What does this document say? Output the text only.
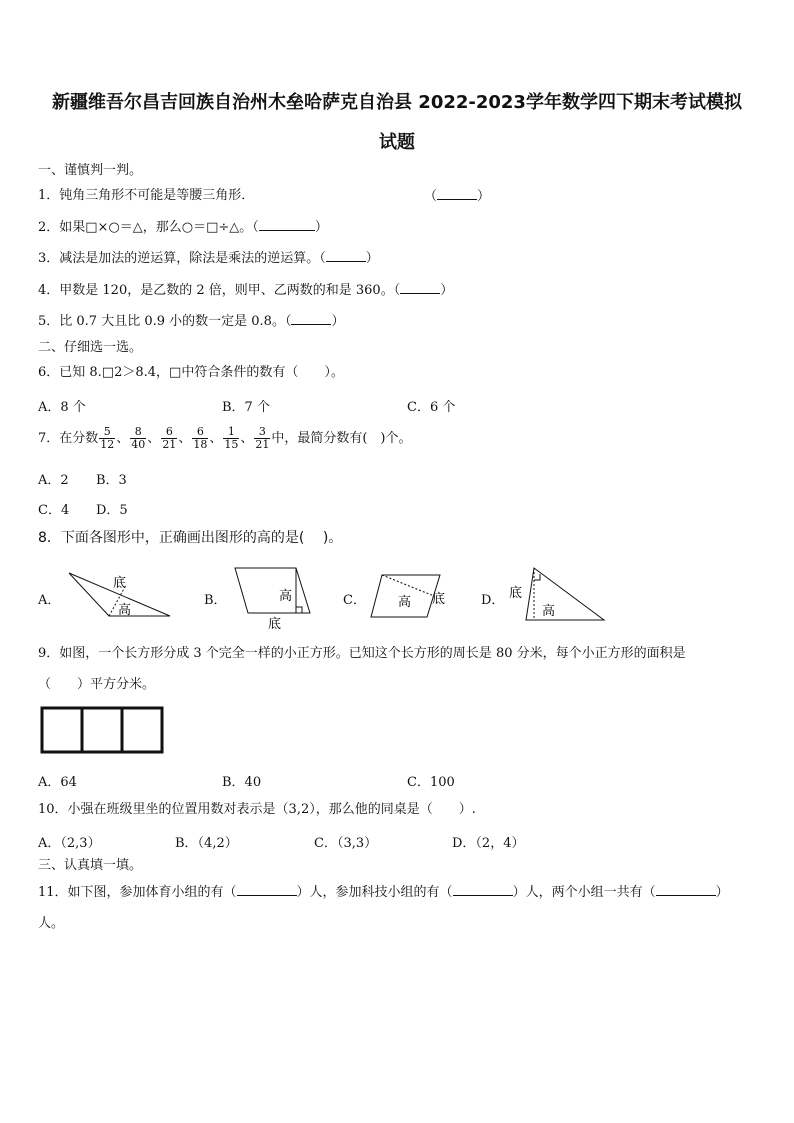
新疆维吾尔昌吉回族自治州木垒哈萨克自治县 2022-2023学年数学四下期末考试模拟
试题
一、谨慎判一判。
1．钝角三角形不可能是等腰三角形．	（	）
2．如果□×○＝△，那么○＝□÷△。（	）
3．减法是加法的逆运算，除法是乘法的逆运算。（	）
4．甲数是 120，是乙数的 2 倍，则甲、乙两数的和是 360。（	）
5．比 0.7 大且比 0.9 小的数一定是 0.8。（	）
二、仔细选一选。
6．已知 8.□2＞8.4，□中符合条件的数有（　　）。
A．8 个	B．7 个	C．6 个
7．在分数 $\frac{5}{12}$ 、 $\frac{8}{40}$ 、 $\frac{6}{21}$ 、 $\frac{6}{18}$ 、 $\frac{1}{15}$ 、 $\frac{3}{21}$ 中，最简分数有(　)个。
A．2 B．3
C．4 D．5
8．下面各图形中，正确画出图形的高的是(　 )。
A．
底
高
B．	高
底
C． 高 底	D． 底
高
9．如图，一个长方形分成 3 个完全一样的小正方形。已知这个长方形的周长是 80 分米，每个小正方形的面积是
（　　）平方分米。
A．64	B．40	C．100
10．小强在班级里坐的位置用数对表示是（3,2），那么他的同桌是（　　）.
A．（2,3）	B．（4,2）	C．（3,3）	D．（2，4）
三、认真填一填。
11．如下图，参加体育小组的有（	）人，参加科技小组的有（	）人，两个小组一共有（	）
人。
